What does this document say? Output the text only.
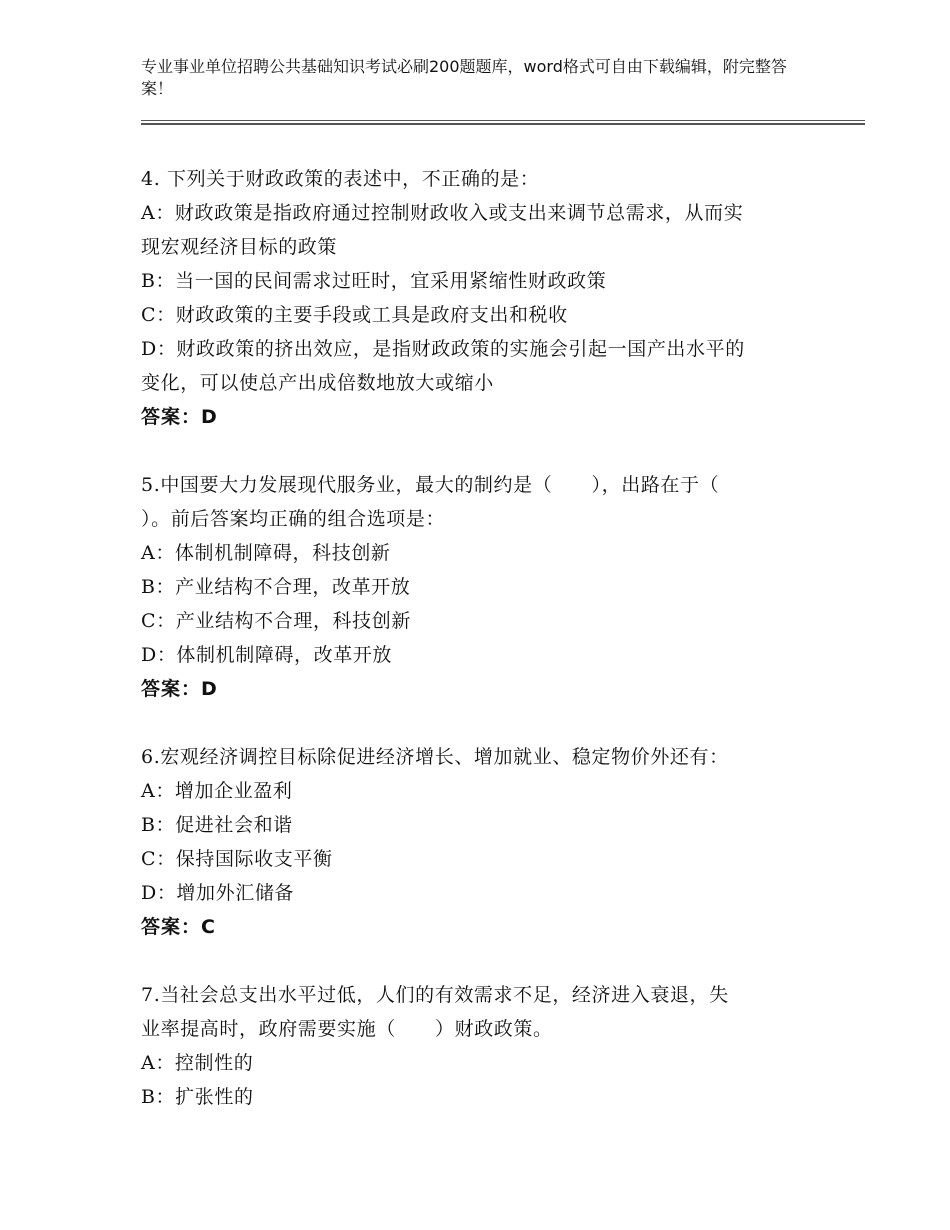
专业事业单位招聘公共基础知识考试必刷200题题库，word格式可自由下载编辑，附完整答案！
4. 下列关于财政政策的表述中，不正确的是：
A：财政政策是指政府通过控制财政收入或支出来调节总需求，从而实
现宏观经济目标的政策
B：当一国的民间需求过旺时，宜采用紧缩性财政政策
C：财政政策的主要手段或工具是政府支出和税收
D：财政政策的挤出效应，是指财政政策的实施会引起一国产出水平的
变化，可以使总产出成倍数地放大或缩小
答案：D
5.中国要大力发展现代服务业，最大的制约是（　　），出路在于（
）。前后答案均正确的组合选项是：
A：体制机制障碍，科技创新
B：产业结构不合理，改革开放
C：产业结构不合理，科技创新
D：体制机制障碍，改革开放
答案：D
6.宏观经济调控目标除促进经济增长、增加就业、稳定物价外还有：
A：增加企业盈利
B：促进社会和谐
C：保持国际收支平衡
D：增加外汇储备
答案：C
7.当社会总支出水平过低，人们的有效需求不足，经济进入衰退，失
业率提高时，政府需要实施（　　）财政政策。
A：控制性的
B：扩张性的
